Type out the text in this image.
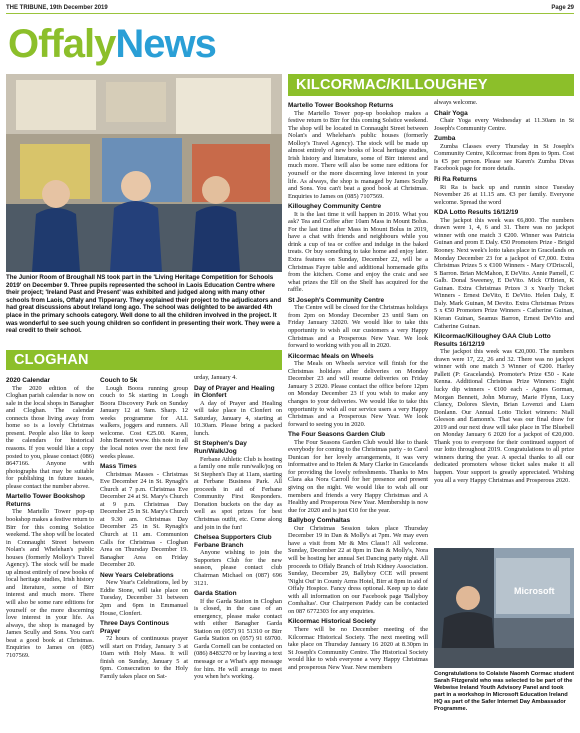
THE TRIBUNE, 19th December 2019	Page 29
OffalyNews
The Junior Room of Broughall NS took part in the 'Living Heritage Competition for Schools 2019' on December 9. Three pupils represented the school in Laois Education Centre where their project; 'Ireland Past and Present' was exhibited and judged along with many other schools from Laois, Offaly and Tipperary. They explained their project to the adjudicators and had great discussions about Ireland long ago. The school was delighted to be awarded 4th place in the primary schools category. Well done to all the children involved in the project. It was wonderful to see such young children so confident in presenting their work. They were a real credit to their school.
CLOGHAN
2020 Calendar

The 2020 edition of the Cloghan parish calendar is now on sale in the local shops in Banagher and Cloghan. The calendar connects those living away from home so is a lovely Christmas present. People also like to keep the calendars for historical reasons. If you would like a copy posted to you, please contact (086) 8647166. Anyone with photographs that may be suitable for publishing in future issues, please contact the number above.

Martello Tower Bookshop Returns

The Martello Tower pop-up bookshop makes a festive return to Birr for this coming Solstice weekend. The shop will be located in Connaught Street between Nolan's and Whelehan's public houses (formerly Molloy's Travel Agency). The stock will be made up almost entirely of new books of local heritage studies, Irish history and literature, some of Birr interest and much more. There will also be some rare editions for yourself or the more discerning love interest in your life. As always, the shop is managed by James Scully and Sons. You can't beat a good book at Christmas. Enquiries to James on (085) 7107569.

Couch to 5k

Lough Boora running group couch to 5k starting in Lough Boora Discovery Park on Sunday January 12 at 9am. Sharp. 12 weeks programme for ALL walkers, joggers and runners. All welcome. Cost €25.00. Karen, John Bennett www. this note in all the local notes over the next few weeks please.

Mass Times

Christmas Masses - Christmas Eve December 24 in St. Rynagh's Church at 7 p.m. Christmas Eve December 24 at St. Mary's Church at 9 p.m. Christmas Day December 25 in St. Mary's Church at 9.30 am. Christmas Day December 25 in St. Rynagh's Church at 11 am. Communion Calls for Christmas - Cloghan Area on Thursday December 19. Banagher Area on Friday December 20.

New Years Celebrations

New Year's Celebrations, led by Eddie Stone, will take place on Tuesday, December 31 between 2pm and 6pm in Emmanuel House, Clonfert.

Three Days Continous Prayer

72 hours of continuous prayer will start on Friday, January 3 at 10am with Holy Mass. It will finish on Sunday, January 5 at 6pm. Consecration to the Holy Family takes place on Sat-

urday, January 4.

Day of Prayer and Healing in Clonfert

A day of Prayer and Healing will take place in Clonfert on Saturday, January 4, starting at 10.30am. Please bring a packed lunch.

St Stephen's Day Run/Walk/Jog

Ferbane Athletic Club is hosting a family one mile run/walk/jog on St Stephen's Day at 11am, starting at Ferbane Business Park. All proceeds in aid of Ferbane Community First Responders. Donation buckets on the day as well as spot prizes for best Christmas outfit, etc. Come along and join in the fun!

Chelsea Supporters Club Ferbane Branch

Anyone wishing to join the Supporters Club for the new season, please contact club Chairman Michael on (087) 696 3121.

Garda Station

If the Garda Station in Cloghan is closed, in the case of an emergency, please make contact with either Banagher Garda Station on (057) 91 51310 or Birr Garda Station on (057) 91 69700. Garda Cornell can be contacted on (086) 8483270 or by leaving a text message or a What's app message for him. He will arrange to meet you when he's working.

KILCORMAC/KILLOUGHEY
Martello Tower Bookshop Returns

The Martello Tower pop-up bookshop makes a festive return to Birr for this coming Solstice weekend. The shop will be located in Connaught Street between Nolan's and Whelehan's public houses (formerly Molloy's Travel Agency). The stock will be made up almost entirely of new books of local heritage studies, Irish history and literature, some of Birr interest and much more. There will also be some rare editions for yourself or the more discerning love interest in your life. As always, the shop is managed by James Scully and Sons. You can't beat a good book at Christmas. Enquiries to James on (085) 7107569.

Killoughey Community Centre

It is the last time it will happen in 2019. What you ask? Tea and Coffee after 10am Mass in Mount Bolus. For the last time after Mass in Mount Bolus in 2019, have a chat with friends and neighbours while you drink a cup of tea or coffee and indulge in the baked treats. Or buy something to take home and enjoy later. Extra features on Sunday, December 22, will be a Christmas Fayre table and additional homemade gifts from the kitchen. Come and enjoy the craic and see what prizes the Elf on the Shelf has acquired for the raffle.

St Joseph's Community Centre

The Centre will be closed for the Christmas holidays from 2pm on Monday December 23 until 9am on Friday January 32020. We would like to take this opportunity to wish all our customers a very Happy Christmas and a Prosperous New Year. We look forward to working with you all in 2020.

Kilcormac Meals on Wheels

The Meals on Wheels service will finish for the Christmas holidays after deliveries on Monday December 23 and will resume deliveries on Friday January 3 2020. Please contact the office before 12pm on Monday December 23 if you wish to make any changes to your deliveries. We would like to take this opportunity to wish all our service users a very Happy Christmas and a Prosperous New Year. We look forward to seeing you in 2020.

The Four Seasons Garden Club

The Four Seasons Garden Club would like to thank everybody for coming to the Christmas party - to Carol Dunican for her lovely arrangements, it was very informative and to Helen & Mary Clarke in Gracelands for providing the lovely refreshments. Thanks to Mrs Clara aka Nora Carroll for her presence and present giving on the night. We would like to wish all our members and friends a very Happy Christmas and A Healthy and Prosperous New Year. Membership is now due for 2020 and is just €10 for the year.

Ballyboy Comhaltas

Our Christmas Session takes place Thursday December 19 in Dan & Molly's at 7pm. We may even have a visit from Mr & Mrs Claus!! All welcome. Sunday, December 22 at 8pm in Dan & Molly's, Nora will be hosting her annual Set Dancing party night. All proceeds to Offaly Branch of Irish Kidney Association. Sunday, December 29, Ballyboy CCE will present 'Night Out' in County Arms Hotel, Birr at 8pm in aid of Offaly Hospice. Fancy dress optional. Keep up to date with all information on our Facebook page 'Ballyboy Comhaltas'. Our Chairperson Paddy can be contacted on 087 6772303 for any enquiries.

Kilcormac Historical Society

There will be no December meeting of the Kilcormac Historical Society. The next meeting will take place on Thursday January 16 2020 at 8.30pm in St Joseph's Community Centre. The Historical Society would like to wish everyone a very Happy Christmas and prosperous New Year. New members

always welcome.

Chair Yoga

Chair Yoga every Wednesday at 11.30am in St Joseph's Community Centre.

Zumba

Zumba Classes every Thursday in St Joseph's Community Centre, Kilcormac from 8pm to 9pm. Cost is €5 per person. Please see Karen's Zumba Divas Facebook page for more details.

Ri Ra Returns

Ri Ra is back up and runnin since Tuesday November 26 at 11.15 am. €3 per family. Everyone welcome. Spread the word

KDA Lotto Results 16/12/19

The jackpot this week was €6,800. The numbers drawn were 1, 4, 6 and 31. There was no jackpot winner with one match 3 €200. Winner was Patricia Guinan and prom E Daly. €50 Promoters Prize - Brigid Rooney. Next week's lotto takes place in Gracelands on Monday December 23 for a jackpot of €7,000. Extra Christmas Prizes 5 x €100 Winners - Mary O'Driscoll, S Barron. Brian McMahon, E DeVito. Annie Pamell, C Galb. Donal Sweeney, E DeVito. Mick O'Brien, K Guinan. Extra Christmas Prizes 3 x Yearly Ticket Winners - Ernest DeVito, E DeVito. Helen Daly, E Daly. Mark Guinan, M Devito. Extra Christmas Prizes 5 x €50 Promoters Prize Winners - Catherine Guinan, Kieran Guinan, Seamus Barron, Ernest DeVito and Catherine Guinan.

Kilcormac/Killoughey GAA Club Lotto Results 16/12/19

The jackpot this week was €20,000. The numbers drawn were 17, 22, 26 and 32. There was no jackpot winner with one match 3 Winner of €200. Harley Pallett (P: Gracelands). Promoter's Prize €50 - Kate Kenna. Additional Christmas Prize Winners: Eight lucky dip winners - €100 each - Agnes Gorman, Morgan Bennett, John Murray, Marie Flynn, Lucy Clancy, Dolores Slevin, Brian Lovenzi and Liam Donlann. Our Annual Lotto Ticket winners: Niall Gleeson and Eamonn's. That was our final draw for 2019 and our next draw will take place in The Bluebell on Monday January 6 2020 for a jackpot of €20,000. Thank you to everyone for their continued support of our lotto throughout 2019. Congratulations to all prize winners during the year. A special thanks to all our dedicated promoters whose ticket sales make it all happen. Your support is greatly appreciated. Wishing you all a very Happy Christmas and Prosperous 2020.

Microsoft
Congratulations to Colaiste Naomh Cormac student Sarah Fitzgerald who was selected to be part of the Webwise Ireland Youth Advisory Panel and took part in a workshop in Microsoft Education Ireland HQ as part of the Safer Internet Day Ambassador Programme.
